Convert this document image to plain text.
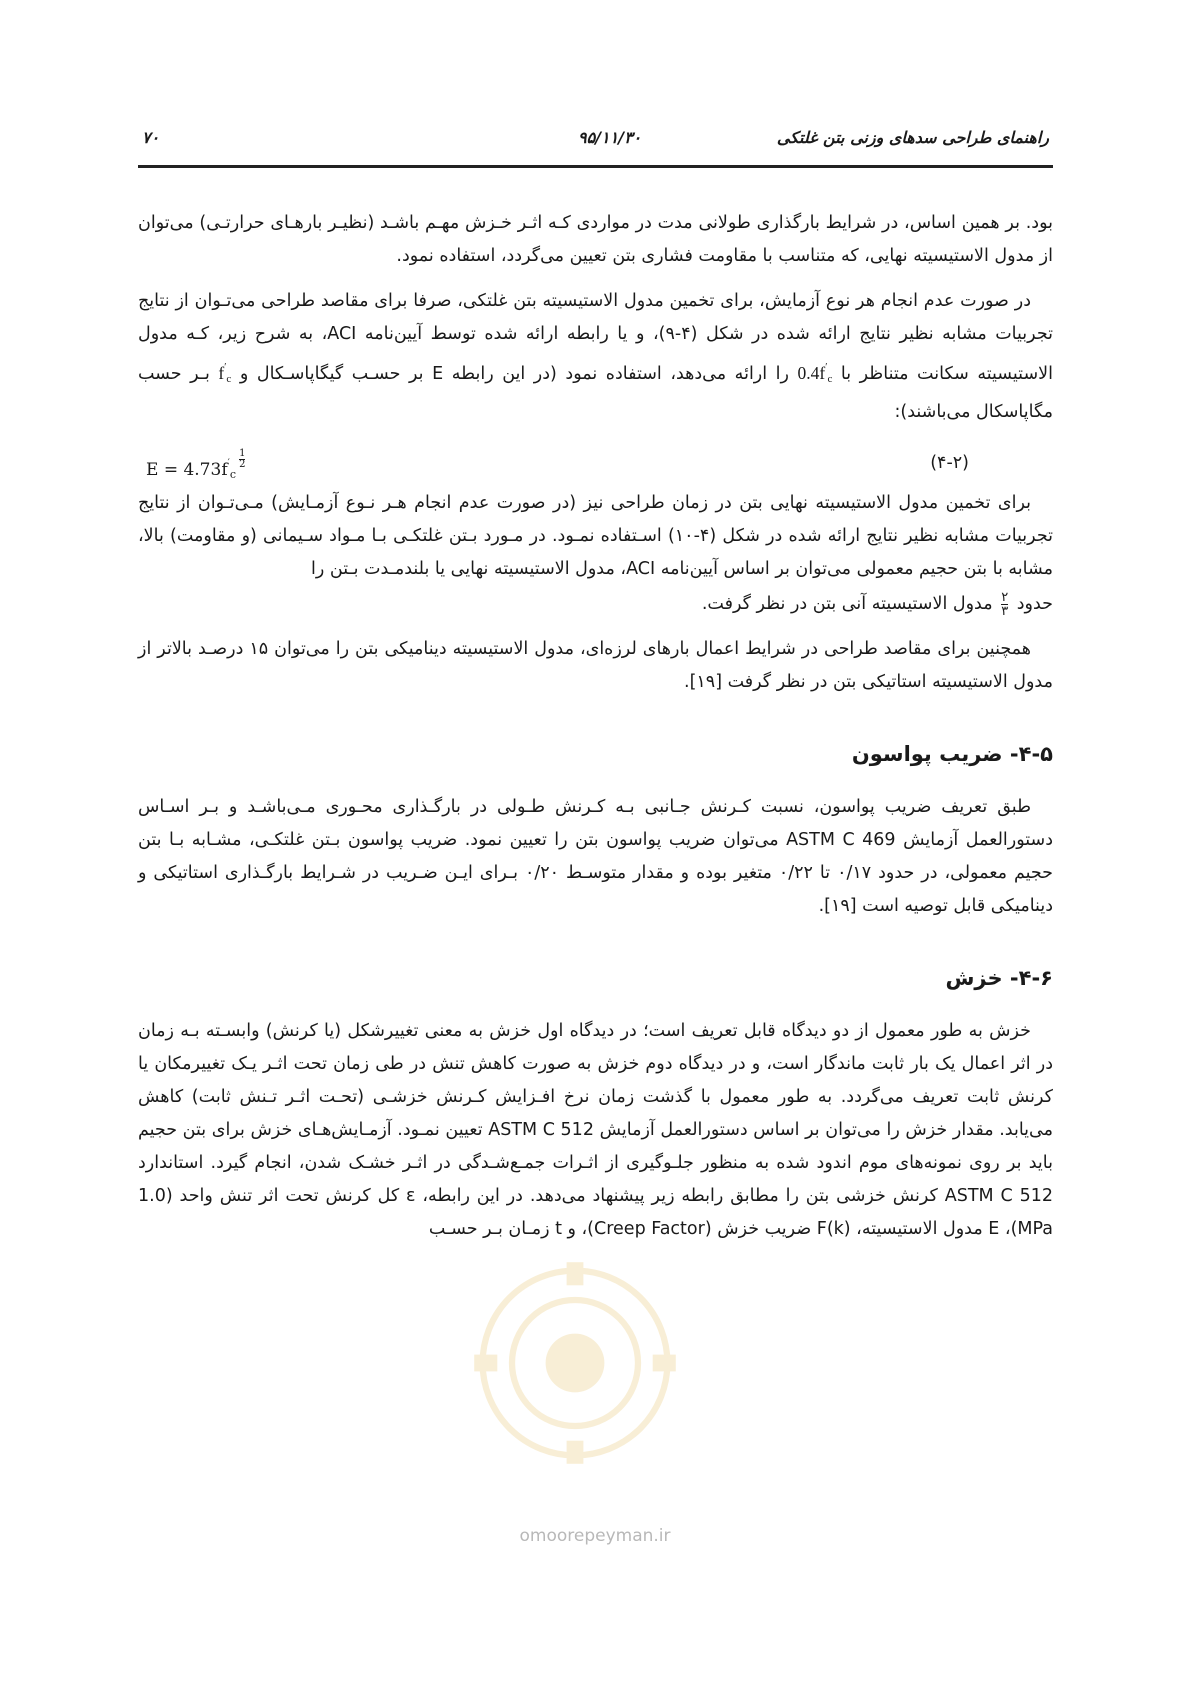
۷۰	۹۵/۱۱/۳۰	راهنمای طراحی سدهای وزنی بتن غلتکی

بود. بر همین اساس، در شرایط بارگذاری طولانی مدت در مواردی کـه اثـر خـزش مهـم باشـد (نظیـر بارهـای حرارتـی) می‌توان از مدول الاستیسیته نهایی، که متناسب با مقاومت فشاری بتن تعیین می‌گردد، استفاده نمود.

در صورت عدم انجام هر نوع آزمایش، برای تخمین مدول الاستیسیته بتن غلتکی، صرفا برای مقاصد طراحی می‌تـوان از نتایج تجربیات مشابه نظیر نتایج ارائه شده در شکل (۴-۹)، و یا رابطه ارائه شده توسط آیین‌نامه ACI، به شرح زیر، کـه مدول الاستیسیته سکانت متناظر با $0.4f'_c$ را ارائه می‌دهد، استفاده نمود (در این رابطه E بر حسـب گیگاپاسـکال و $f'_c$ بـر حسب مگاپاسکال می‌باشند):

$E = 4.73f'_c\frac{1}{2}$	(۴-۲)

برای تخمین مدول الاستیسیته نهایی بتن در زمان طراحی نیز (در صورت عدم انجام هـر نـوع آزمـایش) مـی‌تـوان از نتایج تجربیات مشابه نظیر نتایج ارائه شده در شکل (۴-۱۰) اسـتفاده نمـود. در مـورد بـتن غلتکـی بـا مـواد سـیمانی (و مقاومت) بالا، مشابه با بتن حجیم معمولی می‌توان بر اساس آیین‌نامه ACI، مدول الاستیسیته نهایی یا بلندمـدت بـتن را

حدود $\frac{۲}{۳}$ مدول الاستیسیته آنی بتن در نظر گرفت.

همچنین برای مقاصد طراحی در شرایط اعمال بارهای لرزه‌ای، مدول الاستیسیته دینامیکی بتن را می‌توان ۱۵ درصـد بالاتر از مدول الاستیسیته استاتیکی بتن در نظر گرفت [۱۹].

۴-۵- ضریب پواسون

طبق تعریف ضریب پواسون، نسبت کـرنش جـانبی بـه کـرنش طـولی در بارگـذاری محـوری مـی‌باشـد و بـر اسـاس دستورالعمل آزمایش ASTM C 469 می‌توان ضریب پواسون بتن را تعیین نمود. ضریب پواسون بـتن غلتکـی، مشـابه بـا بتن حجیم معمولی، در حدود ۰/۱۷ تا ۰/۲۲ متغیر بوده و مقدار متوسـط ۰/۲۰ بـرای ایـن ضـریب در شـرایط بارگـذاری استاتیکی و دینامیکی قابل توصیه است [۱۹].

۴-۶- خزش

خزش به طور معمول از دو دیدگاه قابل تعریف است؛ در دیدگاه اول خزش به معنی تغییرشکل (یا کرنش) وابسـته بـه زمان در اثر اعمال یک بار ثابت ماندگار است، و در دیدگاه دوم خزش به صورت کاهش تنش در طی زمان تحت اثـر یـک تغییرمکان یا کرنش ثابت تعریف می‌گردد. به طور معمول با گذشت زمان نرخ افـزایش کـرنش خزشـی (تحـت اثـر تـنش ثابت) کاهش می‌یابد. مقدار خزش را می‌توان بر اساس دستورالعمل آزمایش ASTM C 512 تعیین نمـود. آزمـایش‌هـای خزش برای بتن حجیم باید بر روی نمونه‌های موم اندود شده به منظور جلـوگیری از اثـرات جمـع‌شـدگی در اثـر خشـک شدن، انجام گیرد. استاندارد ASTM C 512 کرنش خزشی بتن را مطابق رابطه زیر پیشنهاد می‌دهد. در این رابطه، ε کل کرنش تحت اثر تنش واحد (1.0 MPa)، E مدول الاستیسیته، F(k) ضریب خزش (Creep Factor)، و t زمـان بـر حسـب

omoorepeyman.ir
